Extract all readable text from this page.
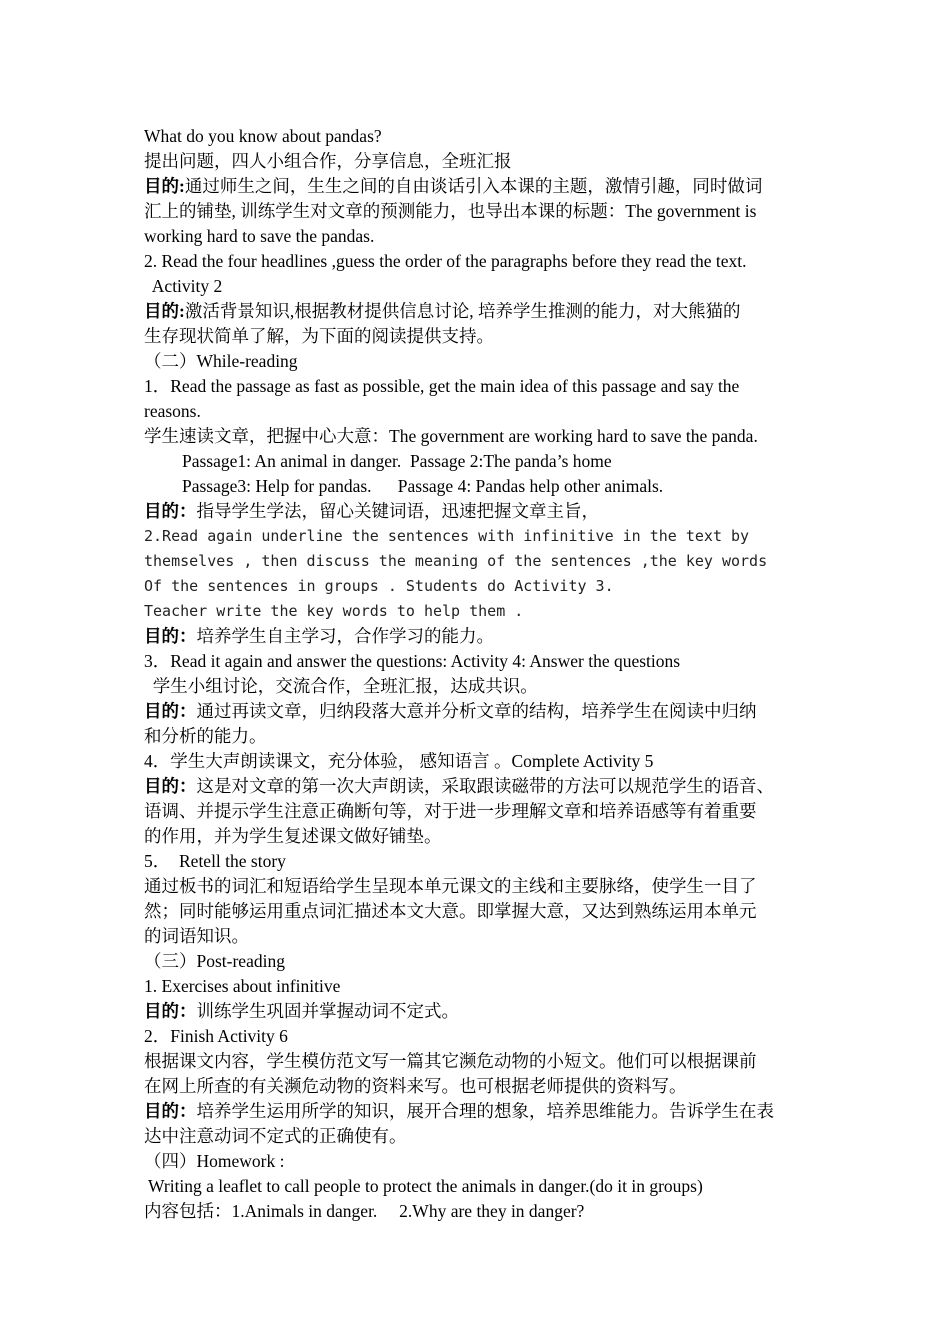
What do you know about pandas?
提出问题，四人小组合作，分享信息，全班汇报
目的:通过师生之间，生生之间的自由谈话引入本课的主题，激情引趣，同时做词
汇上的铺垫, 训练学生对文章的预测能力，也导出本课的标题：The government is
working hard to save the pandas.
2. Read the four headlines ,guess the order of the paragraphs before they read the text.
Activity 2
目的:激活背景知识,根据教材提供信息讨论, 培养学生推测的能力，对大熊猫的
生存现状简单了解，为下面的阅读提供支持。
（二）While-reading
1．Read the passage as fast as possible, get the main idea of this passage and say the
reasons.
学生速读文章，把握中心大意：The government are working hard to save the panda.
Passage1: An animal in danger.  Passage 2:The panda’s home
Passage3: Help for pandas.      Passage 4: Pandas help other animals.
目的：指导学生学法，留心关键词语，迅速把握文章主旨，
2.Read again underline the sentences with infinitive in the text by
themselves , then discuss the meaning of the sentences ,the key words
Of the sentences in groups . Students do Activity 3.
Teacher write the key words to help them .
目的：培养学生自主学习，合作学习的能力。
3．Read it again and answer the questions: Activity 4: Answer the questions
学生小组讨论，交流合作，全班汇报，达成共识。
目的：通过再读文章，归纳段落大意并分析文章的结构，培养学生在阅读中归纳
和分析的能力。
4．学生大声朗读课文，充分体验， 感知语言 。Complete Activity 5
目的：这是对文章的第一次大声朗读，采取跟读磁带的方法可以规范学生的语音、
语调、并提示学生注意正确断句等，对于进一步理解文章和培养语感等有着重要
的作用，并为学生复述课文做好铺垫。
5．  Retell the story
通过板书的词汇和短语给学生呈现本单元课文的主线和主要脉络，使学生一目了
然；同时能够运用重点词汇描述本文大意。即掌握大意，又达到熟练运用本单元
的词语知识。
（三）Post-reading
1. Exercises about infinitive
目的：训练学生巩固并掌握动词不定式。
2．Finish Activity 6
根据课文内容，学生模仿范文写一篇其它濒危动物的小短文。他们可以根据课前
在网上所查的有关濒危动物的资料来写。也可根据老师提供的资料写。
目的：培养学生运用所学的知识，展开合理的想象，培养思维能力。告诉学生在表
达中注意动词不定式的正确使有。
（四）Homework :
Writing a leaflet to call people to protect the animals in danger.(do it in groups)
内容包括：1.Animals in danger.     2.Why are they in danger?
